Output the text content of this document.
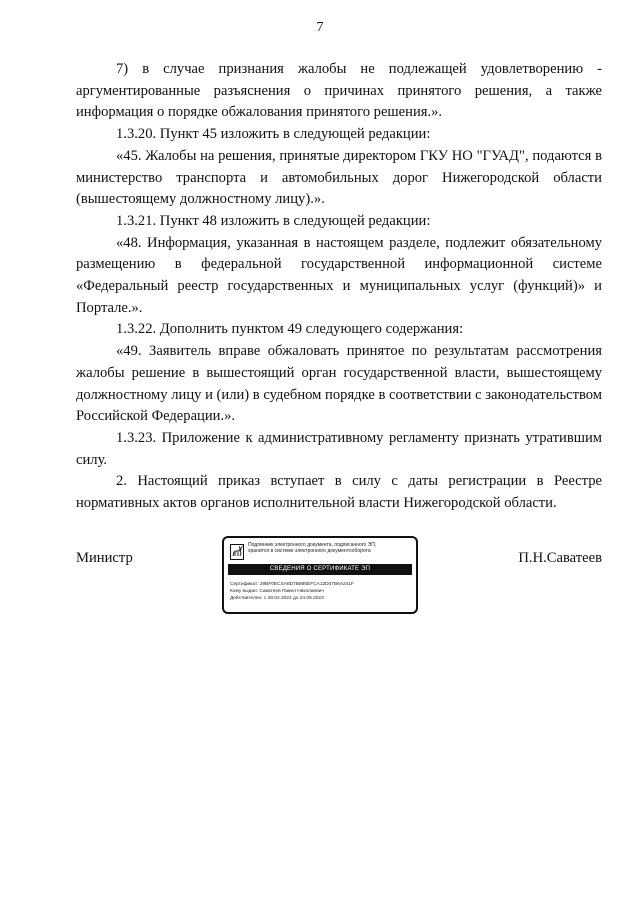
7

7) в случае признания жалобы не подлежащей удовлетворению - аргументированные разъяснения о причинах принятого решения, а также информация о порядке обжалования принятого решения.».

1.3.20. Пункт 45 изложить в следующей редакции:

«45. Жалобы на решения, принятые директором ГКУ НО "ГУАД", подаются в министерство транспорта и автомобильных дорог Нижегородской области (вышестоящему должностному лицу).».

1.3.21. Пункт 48 изложить в следующей редакции:

«48. Информация, указанная в настоящем разделе, подлежит обязательному размещению в федеральной государственной информационной системе «Федеральный реестр государственных и муниципальных услуг (функций)» и Портале.».

1.3.22. Дополнить пунктом 49 следующего содержания:

«49. Заявитель вправе обжаловать принятое по результатам рассмотрения жалобы решение в вышестоящий орган государственной власти, вышестоящему должностному лицу и (или) в судебном порядке в соответствии с законодательством Российской Федерации.».

1.3.23. Приложение к административному регламенту признать утратившим силу.

2. Настоящий приказ вступает в силу с даты регистрации в Реестре нормативных актов органов исполнительной власти Нижегородской области.

Министр
Подлинник электронного документа, подписанного ЭП,
хранится в системе электронного документооборота
СВЕДЕНИЯ О СЕРТИФИКАТЕ ЭП
Сертификат: 29BF0ECSA8D7B880EFCA12D07B6A241F
Кому выдан: Саватеев Павел Николаевич
Действителен: с 28.02.2022 до 24.05.2023
П.Н.Саватеев
